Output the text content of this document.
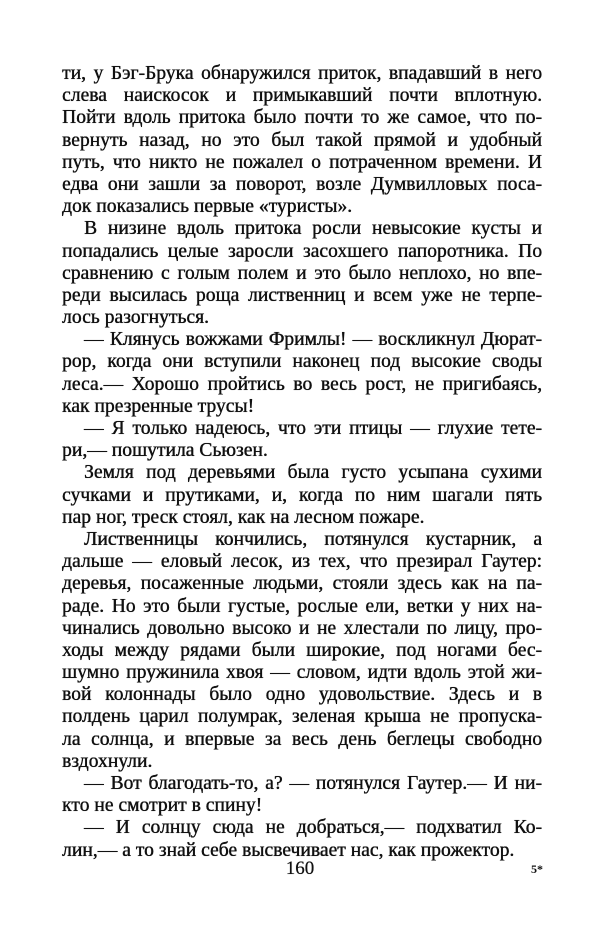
ти, у Бэг-Брука обнаружился приток, впадавший в него
слева наискосок и примыкавший почти вплотную.
Пойти вдоль притока было почти то же самое, что по-
вернуть назад, но это был такой прямой и удобный
путь, что никто не пожалел о потраченном времени. И
едва они зашли за поворот, возле Думвилловых поса-
док показались первые «туристы».
В низине вдоль притока росли невысокие кусты и
попадались целые заросли засохшего папоротника. По
сравнению с голым полем и это было неплохо, но впе-
реди высилась роща лиственниц и всем уже не терпе-
лось разогнуться.
— Клянусь вожжами Фримлы! — воскликнул Дюрат-
рор, когда они вступили наконец под высокие своды
леса.— Хорошо пройтись во весь рост, не пригибаясь,
как презренные трусы!
— Я только надеюсь, что эти птицы — глухие тете-
ри,— пошутила Сьюзен.
Земля под деревьями была густо усыпана сухими
сучками и прутиками, и, когда по ним шагали пять
пар ног, треск стоял, как на лесном пожаре.
Лиственницы кончились, потянулся кустарник, а
дальше — еловый лесок, из тех, что презирал Гаутер:
деревья, посаженные людьми, стояли здесь как на па-
раде. Но это были густые, рослые ели, ветки у них на-
чинались довольно высоко и не хлестали по лицу, про-
ходы между рядами были широкие, под ногами бес-
шумно пружинила хвоя — словом, идти вдоль этой жи-
вой колоннады было одно удовольствие. Здесь и в
полдень царил полумрак, зеленая крыша не пропуска-
ла солнца, и впервые за весь день беглецы свободно
вздохнули.
— Вот благодать-то, а? — потянулся Гаутер.— И ни-
кто не смотрит в спину!
— И солнцу сюда не добраться,— подхватил Ко-
лин,— а то знай себе высвечивает нас, как прожектор.
160	5*
